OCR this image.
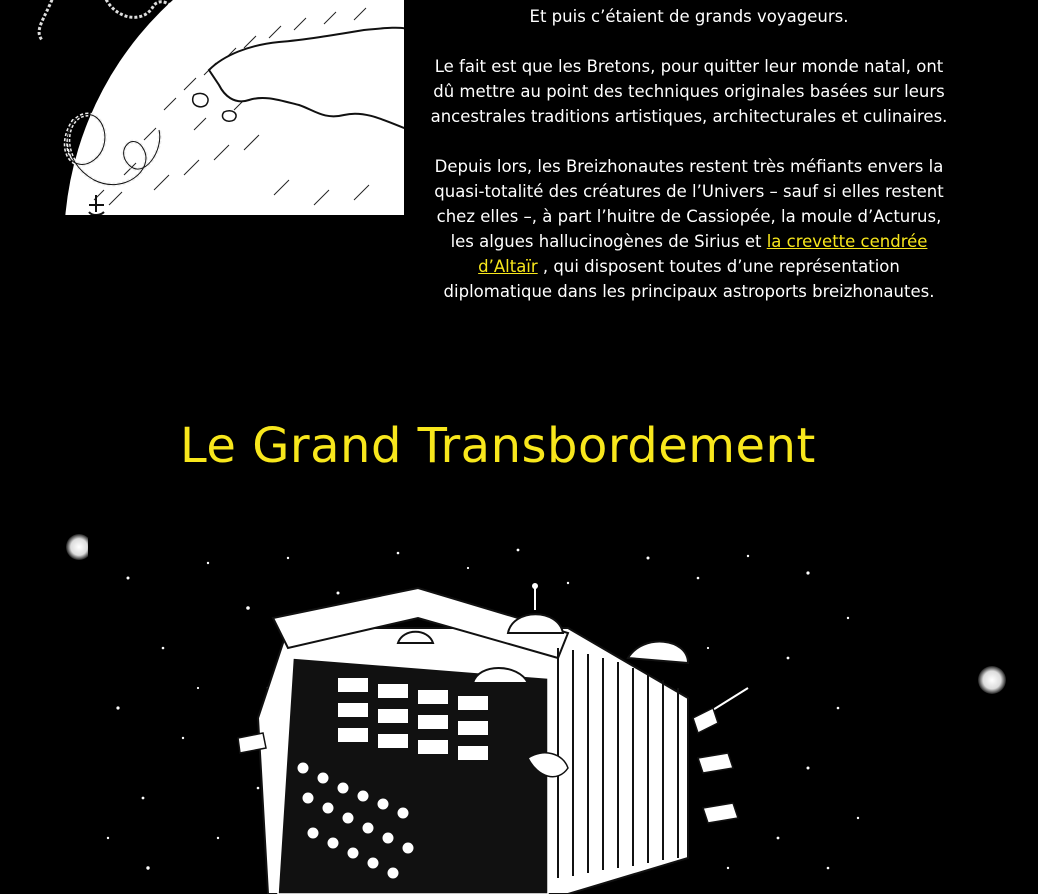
Et puis c’étaient de grands voyageurs.

Le fait est que les Bretons, pour quitter leur monde natal, ont dû mettre au point des techniques originales basées sur leurs ancestrales traditions artistiques, architecturales et culinaires.

Depuis lors, les Breizhonautes restent très méfiants envers la quasi-totalité des créatures de l’Univers – sauf si elles restent chez elles –, à part l’huitre de Cassiopée, la moule d’Acturus, les algues hallucinogènes de Sirius et la crevette cendrée d’Altaïr , qui disposent toutes d’une représentation diplomatique dans les principaux astroports breizhonautes.

Le Grand Transbordement
